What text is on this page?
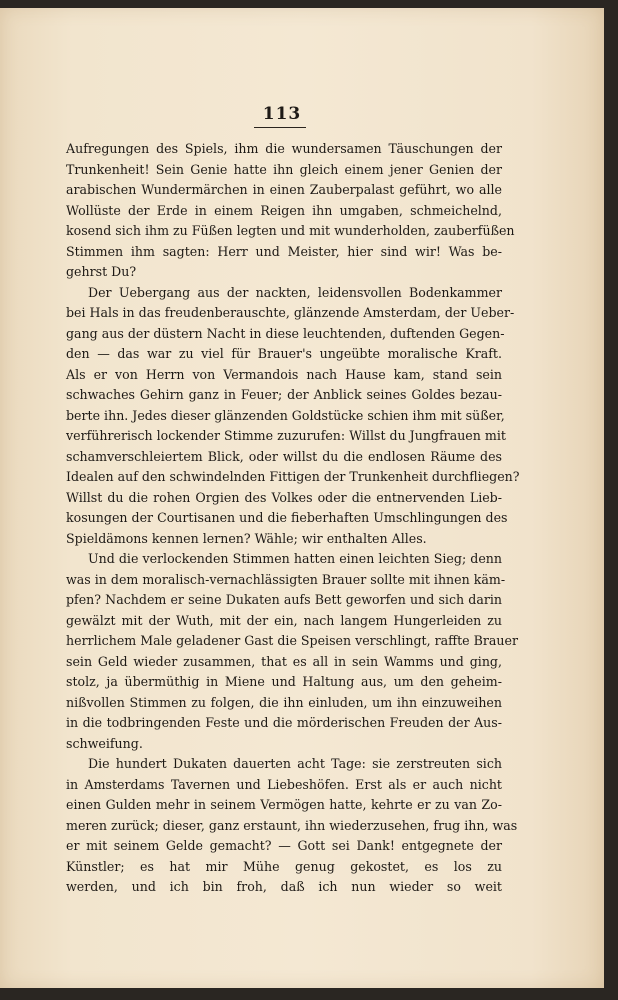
113
Aufregungen des Spiels, ihm die wundersamen Täuschungen der
Trunkenheit! Sein Genie hatte ihn gleich einem jener Genien der
arabischen Wundermärchen in einen Zauberpalast geführt, wo alle
Wollüste der Erde in einem Reigen ihn umgaben, schmeichelnd,
kosend sich ihm zu Füßen legten und mit wunderholden, zauberfüßen
Stimmen ihm sagten: Herr und Meister, hier sind wir! Was be-
gehrst Du?
Der Uebergang aus der nackten, leidensvollen Bodenkammer
bei Hals in das freudenberauschte, glänzende Amsterdam, der Ueber-
gang aus der düstern Nacht in diese leuchtenden, duftenden Gegen-
den — das war zu viel für Brauer's ungeübte moralische Kraft.
Als er von Herrn von Vermandois nach Hause kam, stand sein
schwaches Gehirn ganz in Feuer; der Anblick seines Goldes bezau-
berte ihn. Jedes dieser glänzenden Goldstücke schien ihm mit süßer,
verführerisch lockender Stimme zuzurufen: Willst du Jungfrauen mit
schamverschleiertem Blick, oder willst du die endlosen Räume des
Idealen auf den schwindelnden Fittigen der Trunkenheit durchfliegen?
Willst du die rohen Orgien des Volkes oder die entnervenden Lieb-
kosungen der Courtisanen und die fieberhaften Umschlingungen des
Spieldämons kennen lernen? Wähle; wir enthalten Alles.
Und die verlockenden Stimmen hatten einen leichten Sieg; denn
was in dem moralisch-vernachlässigten Brauer sollte mit ihnen käm-
pfen? Nachdem er seine Dukaten aufs Bett geworfen und sich darin
gewälzt mit der Wuth, mit der ein, nach langem Hungerleiden zu
herrlichem Male geladener Gast die Speisen verschlingt, raffte Brauer
sein Geld wieder zusammen, that es all in sein Wamms und ging,
stolz, ja übermüthig in Miene und Haltung aus, um den geheim-
nißvollen Stimmen zu folgen, die ihn einluden, um ihn einzuweihen
in die todbringenden Feste und die mörderischen Freuden der Aus-
schweifung.
Die hundert Dukaten dauerten acht Tage: sie zerstreuten sich
in Amsterdams Tavernen und Liebeshöfen. Erst als er auch nicht
einen Gulden mehr in seinem Vermögen hatte, kehrte er zu van Zo-
meren zurück; dieser, ganz erstaunt, ihn wiederzusehen, frug ihn, was
er mit seinem Gelde gemacht? — Gott sei Dank! entgegnete der
Künstler; es hat mir Mühe genug gekostet, es los zu
werden, und ich bin froh, daß ich nun wieder so weit
